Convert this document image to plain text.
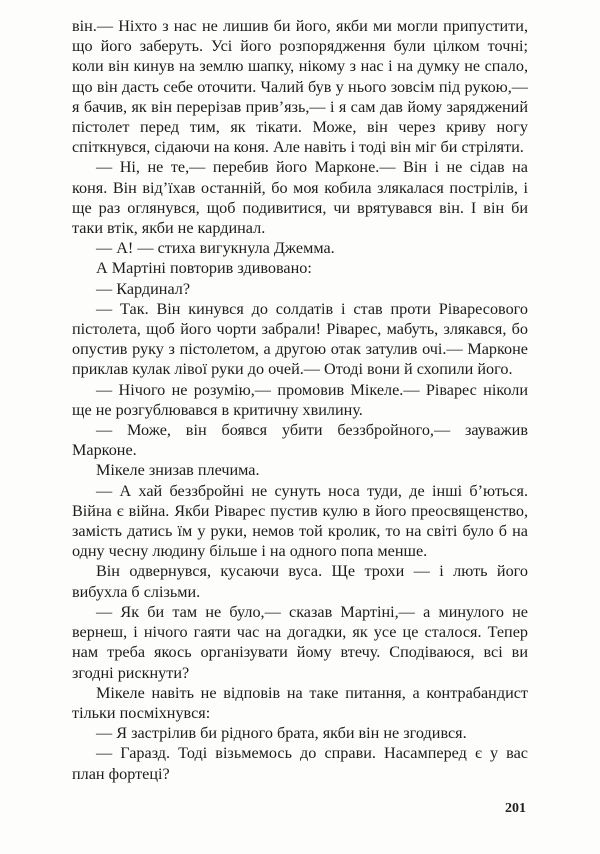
він.— Ніхто з нас не лишив би його, якби ми могли припустити, що його заберуть. Усі його розпорядження були цілком точні; коли він кинув на землю шапку, нікому з нас і на думку не спало, що він дасть себе оточити. Чалий був у нього зовсім під рукою,— я бачив, як він перерізав прив’язь,— і я сам дав йому заряджений пістолет перед тим, як тікати. Може, він через криву ногу спіткнувся, сідаючи на коня. Але навіть і тоді він міг би стріляти.

— Ні, не те,— перебив його Марконе.— Він і не сідав на коня. Він від’їхав останній, бо моя кобила злякалася пострілів, і ще раз оглянувся, щоб подивитися, чи врятувався він. І він би таки втік, якби не кардинал.

— А! — стиха вигукнула Джемма.

А Мартіні повторив здивовано:

— Кардинал?

— Так. Він кинувся до солдатів і став проти Рівaресового пістолета, щоб його чорти забрали! Ріварес, мабуть, злякався, бо опустив руку з пістолетом, а другою отак затулив очі.— Марконе приклав кулак лівої руки до очей.— Отоді вони й схопили його.

— Нічого не розумію,— промовив Мікеле.— Ріварес ніколи ще не розгублювався в критичну хвилину.

— Може, він боявся убити беззбройного,— зауважив Марконе.

Мікеле знизав плечима.

— А хай беззбройні не сунуть носа туди, де інші б’ються. Війна є війна. Якби Ріварес пустив кулю в його преосвященство, замість датись їм у руки, немов той кролик, то на світі було б на одну чесну людину більше і на одного попа менше.

Він одвернувся, кусаючи вуса. Ще трохи — і лють його вибухла б слізьми.

— Як би там не було,— сказав Мартіні,— а минулого не вернеш, і нічого гаяти час на догадки, як усе це сталося. Тепер нам треба якось організувати йому втечу. Сподіваюся, всі ви згодні рискнути?

Мікеле навіть не відповів на таке питання, а контрабандист тільки посміхнувся:

— Я застрілив би рідного брата, якби він не згодився.

— Гаразд. Тоді візьмемось до справи. Насамперед є у вас план фортеці?

201
